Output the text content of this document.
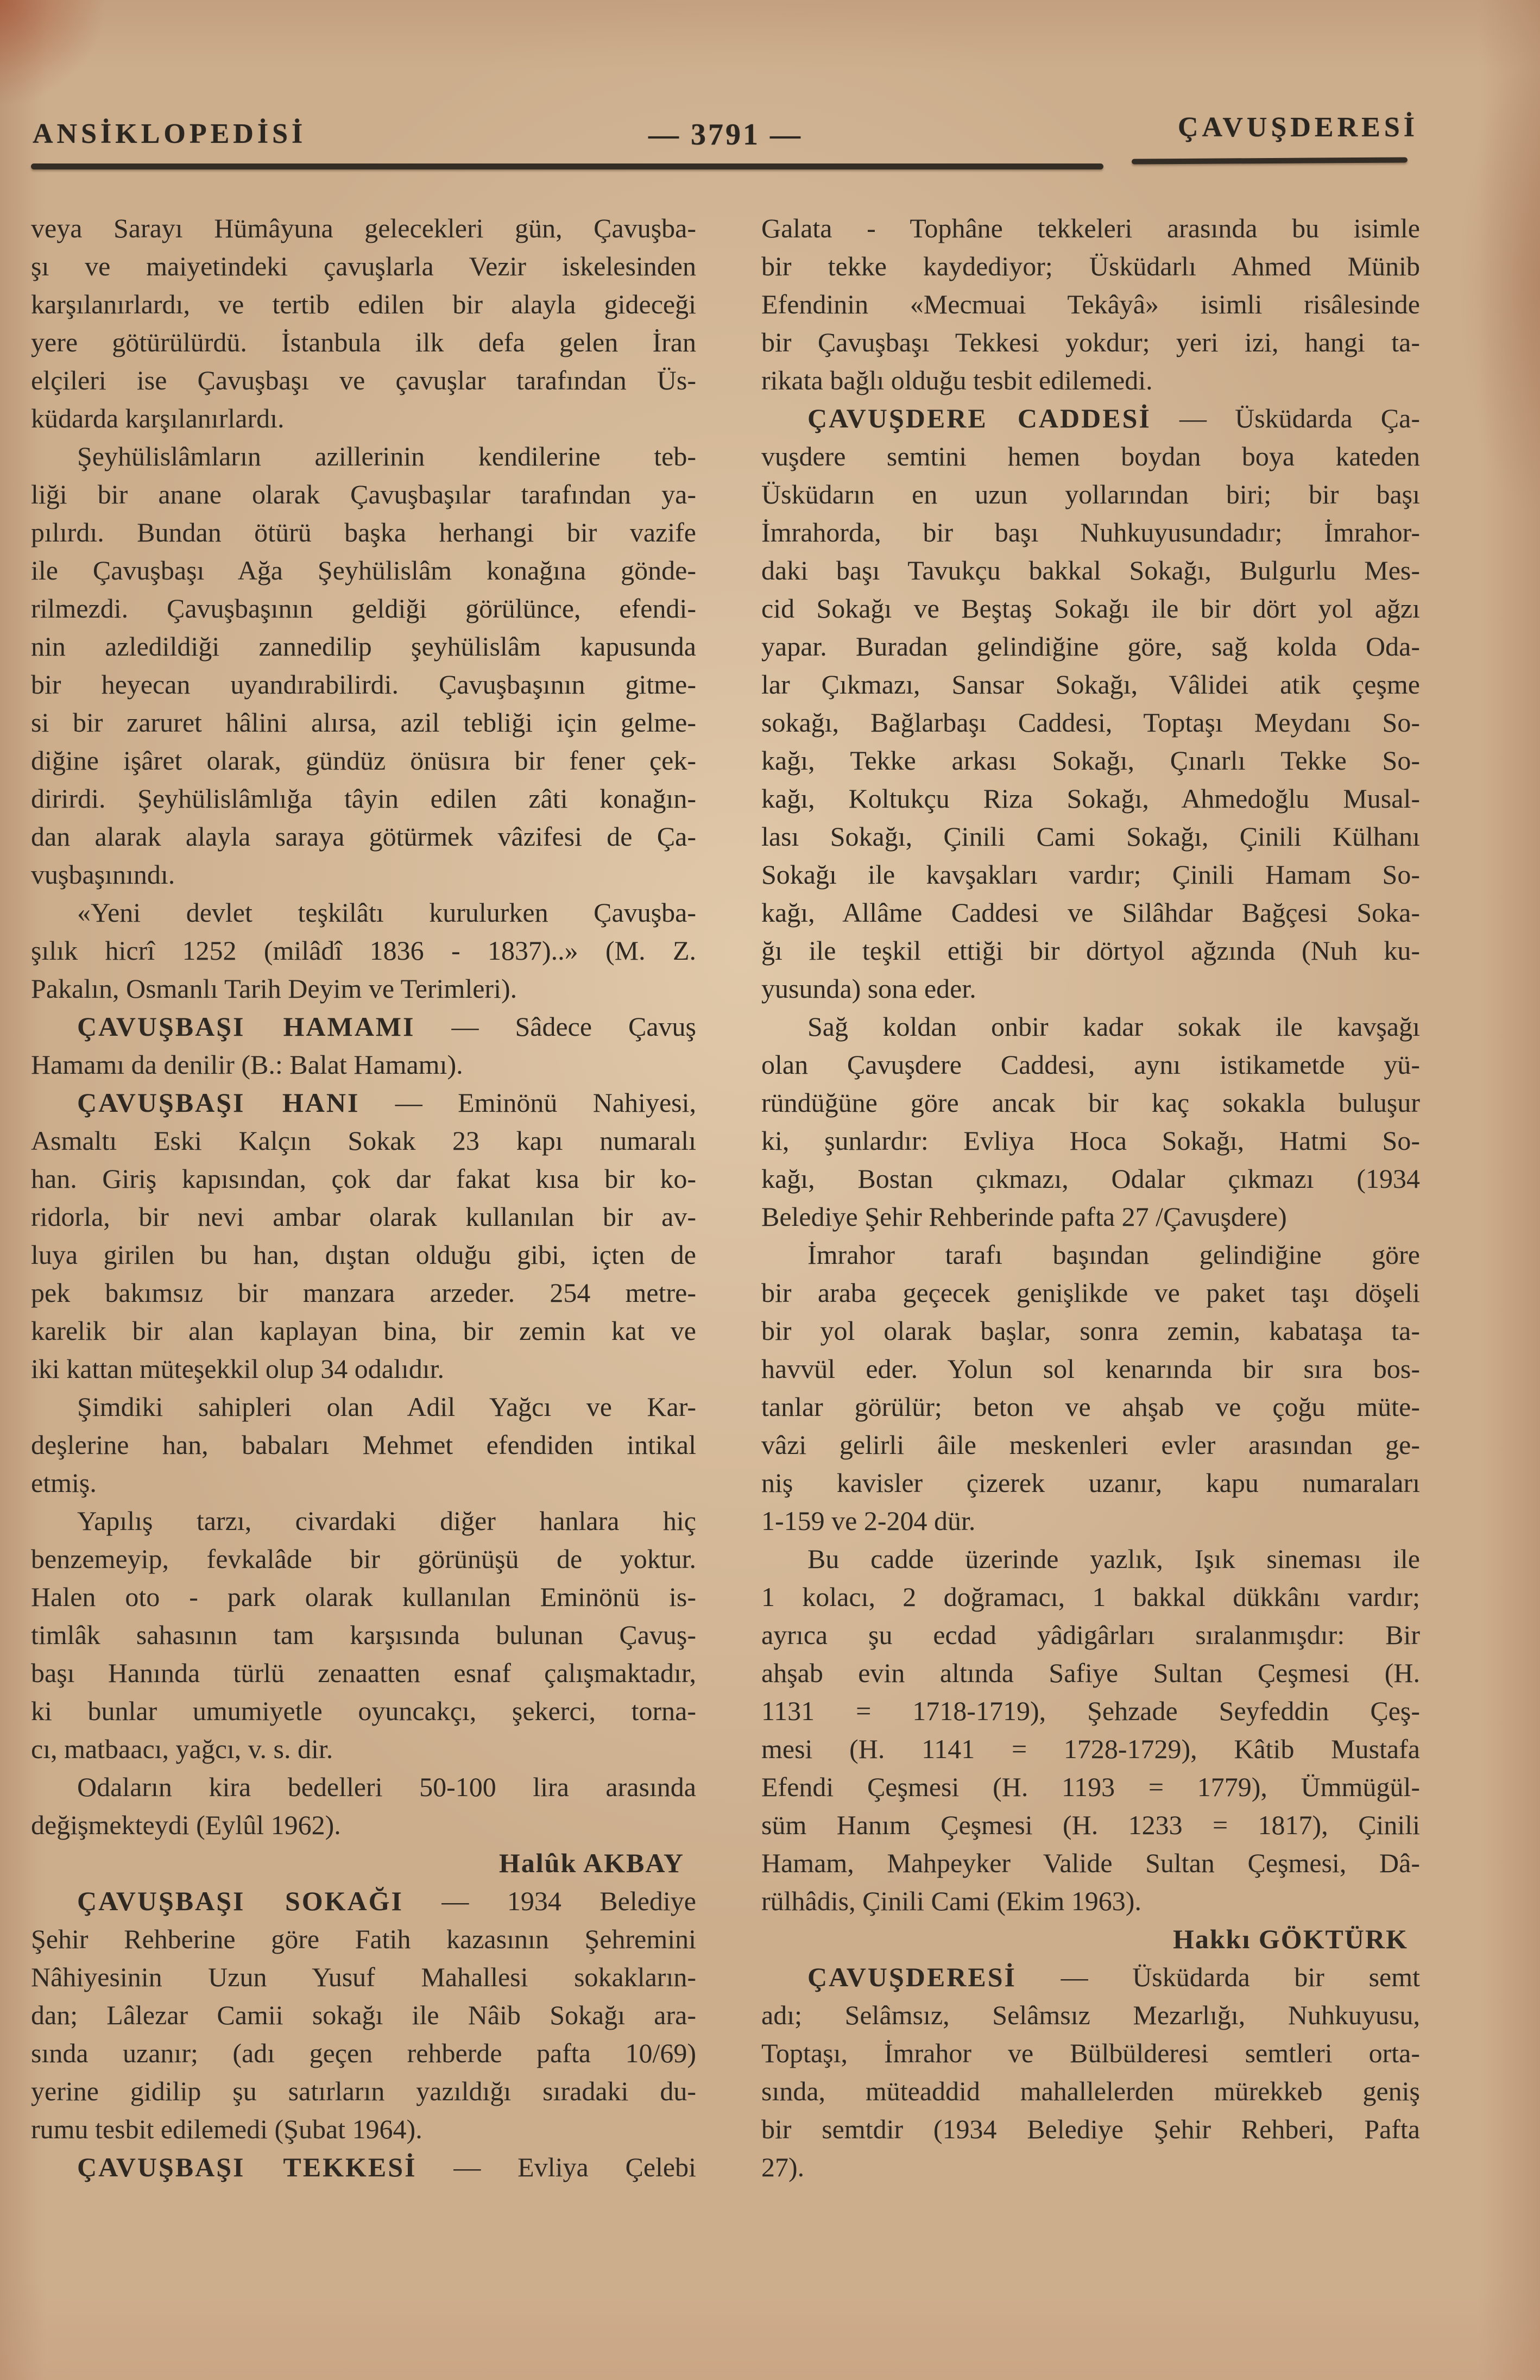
ANSİKLOPEDİSİ	— 3791 —	ÇAVUŞDERESİ
veya Sarayı Hümâyuna gelecekleri gün, Çavuşba-
şı ve maiyetindeki çavuşlarla Vezir iskelesinden
karşılanırlardı, ve tertib edilen bir alayla gideceği
yere götürülürdü. İstanbula ilk defa gelen İran
elçileri ise Çavuşbaşı ve çavuşlar tarafından Üs-
küdarda karşılanırlardı.
Şeyhülislâmların azillerinin kendilerine teb-
liği bir anane olarak Çavuşbaşılar tarafından ya-
pılırdı. Bundan ötürü başka herhangi bir vazife
ile Çavuşbaşı Ağa Şeyhülislâm konağına gönde-
rilmezdi. Çavuşbaşının geldiği görülünce, efendi-
nin azledildiği zannedilip şeyhülislâm kapusunda
bir heyecan uyandırabilirdi. Çavuşbaşının gitme-
si bir zaruret hâlini alırsa, azil tebliği için gelme-
diğine işâret olarak, gündüz önüsıra bir fener çek-
dirirdi. Şeyhülislâmlığa tâyin edilen zâti konağın-
dan alarak alayla saraya götürmek vâzifesi de Ça-
vuşbaşınındı.
«Yeni devlet teşkilâtı kurulurken Çavuşba-
şılık hicrî 1252 (milâdî 1836 - 1837)..» (M. Z.
Pakalın, Osmanlı Tarih Deyim ve Terimleri).
ÇAVUŞBAŞI HAMAMI — Sâdece Çavuş
Hamamı da denilir (B.: Balat Hamamı).
ÇAVUŞBAŞI HANI — Eminönü Nahiyesi,
Asmaltı Eski Kalçın Sokak 23 kapı numaralı
han. Giriş kapısından, çok dar fakat kısa bir ko-
ridorla, bir nevi ambar olarak kullanılan bir av-
luya girilen bu han, dıştan olduğu gibi, içten de
pek bakımsız bir manzara arzeder. 254 metre-
karelik bir alan kaplayan bina, bir zemin kat ve
iki kattan müteşekkil olup 34 odalıdır.
Şimdiki sahipleri olan Adil Yağcı ve Kar-
deşlerine han, babaları Mehmet efendiden intikal
etmiş.
Yapılış tarzı, civardaki diğer hanlara hiç
benzemeyip, fevkalâde bir görünüşü de yoktur.
Halen oto - park olarak kullanılan Eminönü is-
timlâk sahasının tam karşısında bulunan Çavuş-
başı Hanında türlü zenaatten esnaf çalışmaktadır,
ki bunlar umumiyetle oyuncakçı, şekerci, torna-
cı, matbaacı, yağcı, v. s. dir.
Odaların kira bedelleri 50-100 lira arasında
değişmekteydi (Eylûl 1962).
Halûk AKBAY
ÇAVUŞBAŞI SOKAĞI — 1934 Belediye
Şehir Rehberine göre Fatih kazasının Şehremini
Nâhiyesinin Uzun Yusuf Mahallesi sokakların-
dan; Lâlezar Camii sokağı ile Nâib Sokağı ara-
sında uzanır; (adı geçen rehberde pafta 10/69)
yerine gidilip şu satırların yazıldığı sıradaki du-
rumu tesbit edilemedi (Şubat 1964).
ÇAVUŞBAŞI TEKKESİ — Evliya Çelebi
Galata - Tophâne tekkeleri arasında bu isimle
bir tekke kaydediyor; Üsküdarlı Ahmed Münib
Efendinin «Mecmuai Tekâyâ» isimli risâlesinde
bir Çavuşbaşı Tekkesi yokdur; yeri izi, hangi ta-
rikata bağlı olduğu tesbit edilemedi.
ÇAVUŞDERE CADDESİ — Üsküdarda Ça-
vuşdere semtini hemen boydan boya kateden
Üsküdarın en uzun yollarından biri; bir başı
İmrahorda, bir başı Nuhkuyusundadır; İmrahor-
daki başı Tavukçu bakkal Sokağı, Bulgurlu Mes-
cid Sokağı ve Beştaş Sokağı ile bir dört yol ağzı
yapar. Buradan gelindiğine göre, sağ kolda Oda-
lar Çıkmazı, Sansar Sokağı, Vâlidei atik çeşme
sokağı, Bağlarbaşı Caddesi, Toptaşı Meydanı So-
kağı, Tekke arkası Sokağı, Çınarlı Tekke So-
kağı, Koltukçu Riza Sokağı, Ahmedoğlu Musal-
lası Sokağı, Çinili Cami Sokağı, Çinili Külhanı
Sokağı ile kavşakları vardır; Çinili Hamam So-
kağı, Allâme Caddesi ve Silâhdar Bağçesi Soka-
ğı ile teşkil ettiği bir dörtyol ağzında (Nuh ku-
yusunda) sona eder.
Sağ koldan onbir kadar sokak ile kavşağı
olan Çavuşdere Caddesi, aynı istikametde yü-
ründüğüne göre ancak bir kaç sokakla buluşur
ki, şunlardır: Evliya Hoca Sokağı, Hatmi So-
kağı, Bostan çıkmazı, Odalar çıkmazı (1934
Belediye Şehir Rehberinde pafta 27 /Çavuşdere)
İmrahor tarafı başından gelindiğine göre
bir araba geçecek genişlikde ve paket taşı döşeli
bir yol olarak başlar, sonra zemin, kabataşa ta-
havvül eder. Yolun sol kenarında bir sıra bos-
tanlar görülür; beton ve ahşab ve çoğu müte-
vâzi gelirli âile meskenleri evler arasından ge-
niş kavisler çizerek uzanır, kapu numaraları
1-159 ve 2-204 dür.
Bu cadde üzerinde yazlık, Işık sineması ile
1 kolacı, 2 doğramacı, 1 bakkal dükkânı vardır;
ayrıca şu ecdad yâdigârları sıralanmışdır: Bir
ahşab evin altında Safiye Sultan Çeşmesi (H.
1131 = 1718-1719), Şehzade Seyfeddin Çeş-
mesi (H. 1141 = 1728-1729), Kâtib Mustafa
Efendi Çeşmesi (H. 1193 = 1779), Ümmügül-
süm Hanım Çeşmesi (H. 1233 = 1817), Çinili
Hamam, Mahpeyker Valide Sultan Çeşmesi, Dâ-
rülhâdis, Çinili Cami (Ekim 1963).
Hakkı GÖKTÜRK
ÇAVUŞDERESİ — Üsküdarda bir semt
adı; Selâmsız, Selâmsız Mezarlığı, Nuhkuyusu,
Toptaşı, İmrahor ve Bülbülderesi semtleri orta-
sında, müteaddid mahallelerden mürekkeb geniş
bir semtdir (1934 Belediye Şehir Rehberi, Pafta
27).
